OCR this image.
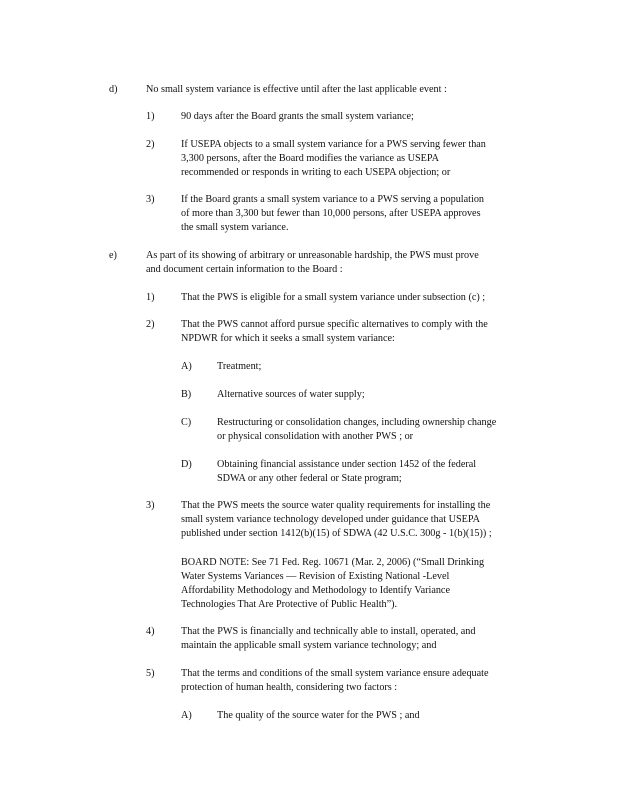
d)	No small system variance is effective until after the last applicable event :

1)	90 days after the Board grants the small system variance;

2)	If USEPA objects to a small system variance for a PWS serving fewer than
3,300 persons, after the Board modifies the variance as USEPA
recommended or responds in writing to each USEPA objection; or

3)	If the Board grants a small system variance to a PWS serving a population
of more than 3,300 but fewer than 10,000 persons, after USEPA approves
the small system variance.

e)	As part of its showing of arbitrary or unreasonable hardship, the PWS must prove
and document certain information to the Board :

1)	That the PWS is eligible for a small system variance under subsection (c) ;

2)	That the PWS cannot afford pursue specific alternatives to comply with the
NPDWR for which it seeks a small system variance:

A) Treatment;

B)	Alternative sources of water supply;

C)	Restructuring or consolidation changes, including ownership change
or physical consolidation with another PWS ; or

D) Obtaining financial assistance under section 1452 of the federal
SDWA or any other federal or State program;

3)	That the PWS meets the source water quality requirements for installing the
small system variance technology developed under guidance that USEPA
published under section 1412(b)(15) of SDWA (42 U.S.C. 300g - 1(b)(15)) ;

BOARD NOTE: See 71 Fed. Reg. 10671 (Mar. 2, 2006) (“Small Drinking
Water Systems Variances — Revision of Existing National -Level
Affordability Methodology and Methodology to Identify Variance
Technologies That Are Protective of Public Health”).

4)	That the PWS is financially and technically able to install, operated, and
maintain the applicable small system variance technology; and

5)	That the terms and conditions of the small system variance ensure adequate
protection of human health, considering two factors :

A) The quality of the source water for the PWS ; and
